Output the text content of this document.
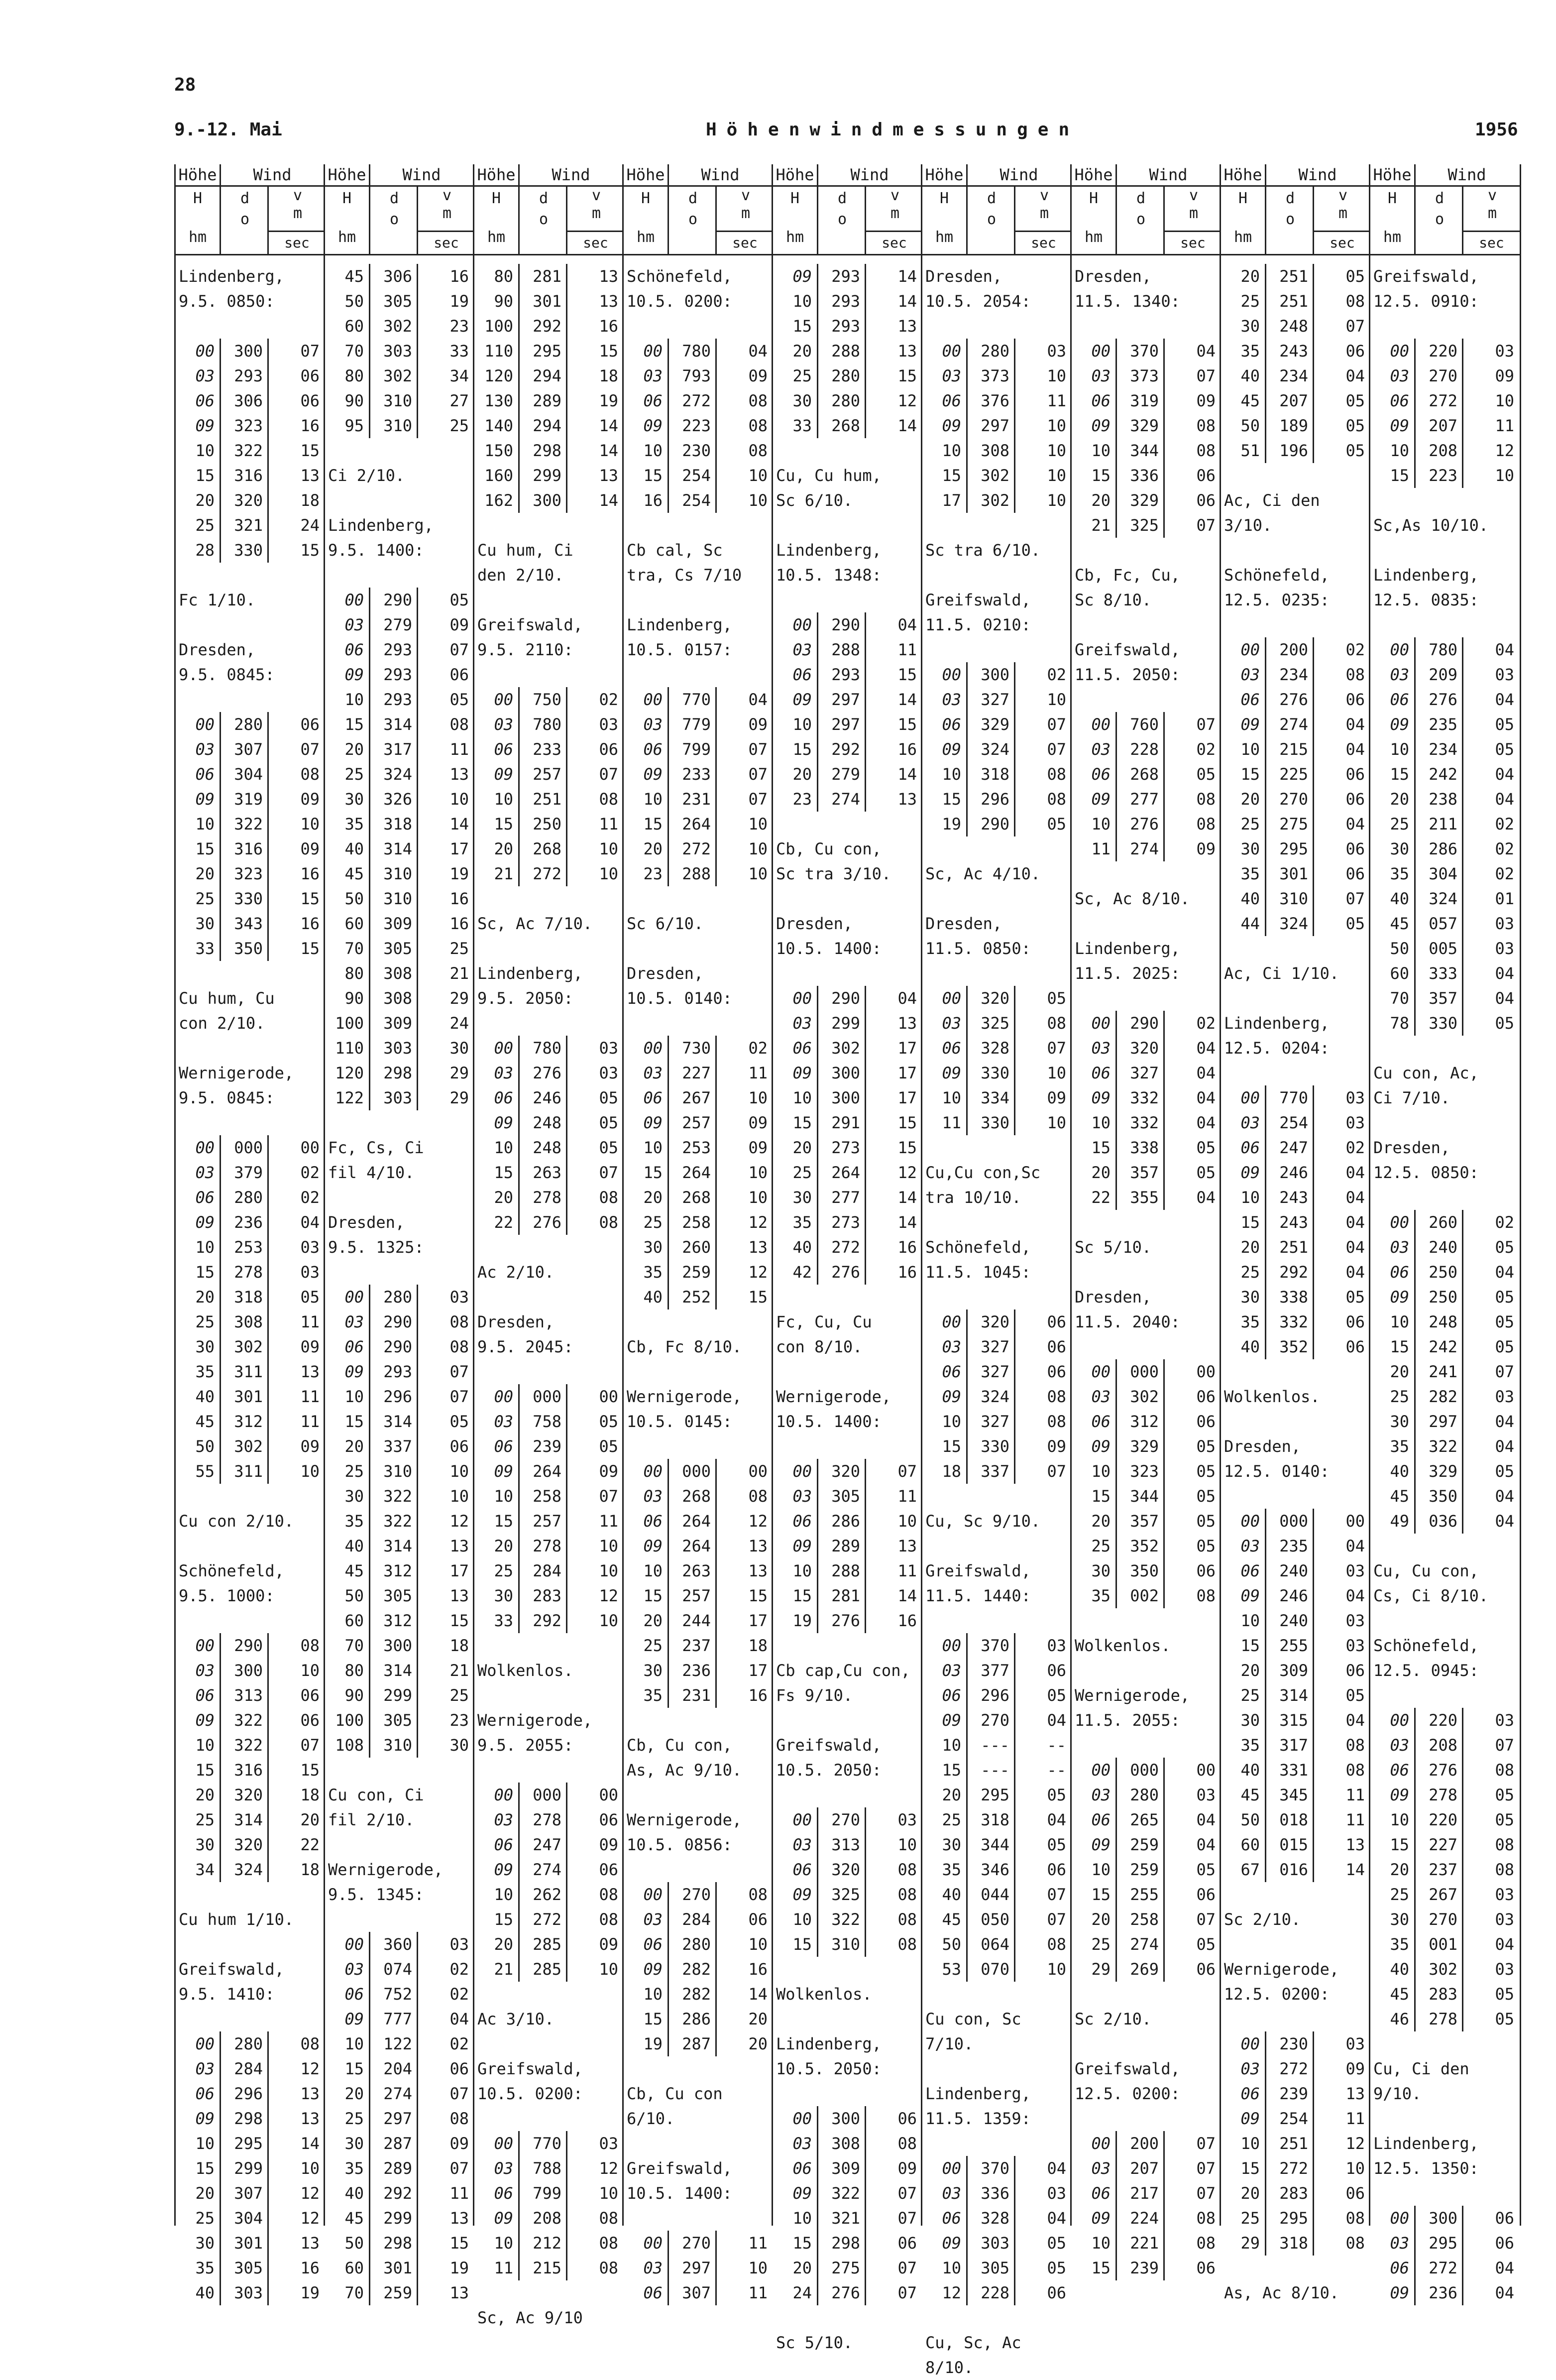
28
9.-12. Mai	Höhenwindmessungen	1956
Höhe	Wind
H
hm
d
o
v
m
sec
Lindenberg,
9.5. 0850:
00	300	07
03	293	06
06	306	06
09	323	16
10	322	15
15	316	13
20	320	18
25	321	24
28	330	15
Fc 1/10.
Dresden,
9.5. 0845:
00	280	06
03	307	07
06	304	08
09	319	09
10	322	10
15	316	09
20	323	16
25	330	15
30	343	16
33	350	15
Cu hum, Cu
con 2/10.
Wernigerode,
9.5. 0845:
00	000	00
03	379	02
06	280	02
09	236	04
10	253	03
15	278	03
20	318	05
25	308	11
30	302	09
35	311	13
40	301	11
45	312	11
50	302	09
55	311	10
Cu con 2/10.
Schönefeld,
9.5. 1000:
00	290	08
03	300	10
06	313	06
09	322	06
10	322	07
15	316	15
20	320	18
25	314	20
30	320	22
34	324	18
Cu hum 1/10.
Greifswald,
9.5. 1410:
00	280	08
03	284	12
06	296	13
09	298	13
10	295	14
15	299	10
20	307	12
25	304	12
30	301	13
35	305	16
40	303	19
Höhe	Wind
H
hm
d
o
v
m
sec
45	306	16
50	305	19
60	302	23
70	303	33
80	302	34
90	310	27
95	310	25
Ci 2/10.
Lindenberg,
9.5. 1400:
00	290	05
03	279	09
06	293	07
09	293	06
10	293	05
15	314	08
20	317	11
25	324	13
30	326	10
35	318	14
40	314	17
45	310	19
50	310	16
60	309	16
70	305	25
80	308	21
90	308	29
100	309	24
110	303	30
120	298	29
122	303	29
Fc, Cs, Ci
fil 4/10.
Dresden,
9.5. 1325:
00	280	03
03	290	08
06	290	08
09	293	07
10	296	07
15	314	05
20	337	06
25	310	10
30	322	10
35	322	12
40	314	13
45	312	17
50	305	13
60	312	15
70	300	18
80	314	21
90	299	25
100	305	23
108	310	30
Cu con, Ci
fil 2/10.
Wernigerode,
9.5. 1345:
00	360	03
03	074	02
06	752	02
09	777	04
10	122	02
15	204	06
20	274	07
25	297	08
30	287	09
35	289	07
40	292	11
45	299	13
50	298	15
60	301	19
70	259	13
Höhe	Wind
H
hm
d
o
v
m
sec
80	281	13
90	301	13
100	292	16
110	295	15
120	294	18
130	289	19
140	294	14
150	298	14
160	299	13
162	300	14
Cu hum, Ci
den 2/10.
Greifswald,
9.5. 2110:
00	750	02
03	780	03
06	233	06
09	257	07
10	251	08
15	250	11
20	268	10
21	272	10
Sc, Ac 7/10.
Lindenberg,
9.5. 2050:
00	780	03
03	276	03
06	246	05
09	248	05
10	248	05
15	263	07
20	278	08
22	276	08
Ac 2/10.
Dresden,
9.5. 2045:
00	000	00
03	758	05
06	239	05
09	264	09
10	258	07
15	257	11
20	278	10
25	284	10
30	283	12
33	292	10
Wolkenlos.
Wernigerode,
9.5. 2055:
00	000	00
03	278	06
06	247	09
09	274	06
10	262	08
15	272	08
20	285	09
21	285	10
Ac 3/10.
Greifswald,
10.5. 0200:
00	770	03
03	788	12
06	799	10
09	208	08
10	212	08
11	215	08
Sc, Ac 9/10
Höhe	Wind
H
hm
d
o
v
m
sec
Schönefeld,
10.5. 0200:
00	780	04
03	793	09
06	272	08
09	223	08
10	230	08
15	254	10
16	254	10
Cb cal, Sc
tra, Cs 7/10
Lindenberg,
10.5. 0157:
00	770	04
03	779	09
06	799	07
09	233	07
10	231	07
15	264	10
20	272	10
23	288	10
Sc 6/10.
Dresden,
10.5. 0140:
00	730	02
03	227	11
06	267	10
09	257	09
10	253	09
15	264	10
20	268	10
25	258	12
30	260	13
35	259	12
40	252	15
Cb, Fc 8/10.
Wernigerode,
10.5. 0145:
00	000	00
03	268	08
06	264	12
09	264	13
10	263	13
15	257	15
20	244	17
25	237	18
30	236	17
35	231	16
Cb, Cu con,
As, Ac 9/10.
Wernigerode,
10.5. 0856:
00	270	08
03	284	06
06	280	10
09	282	16
10	282	14
15	286	20
19	287	20
Cb, Cu con
6/10.
Greifswald,
10.5. 1400:
00	270	11
03	297	10
06	307	11
Höhe	Wind
H
hm
d
o
v
m
sec
09	293	14
10	293	14
15	293	13
20	288	13
25	280	15
30	280	12
33	268	14
Cu, Cu hum,
Sc 6/10.
Lindenberg,
10.5. 1348:
00	290	04
03	288	11
06	293	15
09	297	14
10	297	15
15	292	16
20	279	14
23	274	13
Cb, Cu con,
Sc tra 3/10.
Dresden,
10.5. 1400:
00	290	04
03	299	13
06	302	17
09	300	17
10	300	17
15	291	15
20	273	15
25	264	12
30	277	14
35	273	14
40	272	16
42	276	16
Fc, Cu, Cu
con 8/10.
Wernigerode,
10.5. 1400:
00	320	07
03	305	11
06	286	10
09	289	13
10	288	11
15	281	14
19	276	16
Cb cap,Cu con,
Fs 9/10.
Greifswald,
10.5. 2050:
00	270	03
03	313	10
06	320	08
09	325	08
10	322	08
15	310	08
Wolkenlos.
Lindenberg,
10.5. 2050:
00	300	06
03	308	08
06	309	09
09	322	07
10	321	07
15	298	06
20	275	07
24	276	07
Sc 5/10.
Höhe	Wind
H
hm
d
o
v
m
sec
Dresden,
10.5. 2054:
00	280	03
03	373	10
06	376	11
09	297	10
10	308	10
15	302	10
17	302	10
Sc tra 6/10.
Greifswald,
11.5. 0210:
00	300	02
03	327	10
06	329	07
09	324	07
10	318	08
15	296	08
19	290	05
Sc, Ac 4/10.
Dresden,
11.5. 0850:
00	320	05
03	325	08
06	328	07
09	330	10
10	334	09
11	330	10
Cu,Cu con,Sc
tra 10/10.
Schönefeld,
11.5. 1045:
00	320	06
03	327	06
06	327	06
09	324	08
10	327	08
15	330	09
18	337	07
Cu, Sc 9/10.
Greifswald,
11.5. 1440:
00	370	03
03	377	06
06	296	05
09	270	04
10	---	--
15	---	--
20	295	05
25	318	04
30	344	05
35	346	06
40	044	07
45	050	07
50	064	08
53	070	10
Cu con, Sc
7/10.
Lindenberg,
11.5. 1359:
00	370	04
03	336	03
06	328	04
09	303	05
10	305	05
12	228	06
Cu, Sc, Ac
8/10.
Höhe	Wind
H
hm
d
o
v
m
sec
Dresden,
11.5. 1340:
00	370	04
03	373	07
06	319	09
09	329	08
10	344	08
15	336	06
20	329	06
21	325	07
Cb, Fc, Cu,
Sc 8/10.
Greifswald,
11.5. 2050:
00	760	07
03	228	02
06	268	05
09	277	08
10	276	08
11	274	09
Sc, Ac 8/10.
Lindenberg,
11.5. 2025:
00	290	02
03	320	04
06	327	04
09	332	04
10	332	04
15	338	05
20	357	05
22	355	04
Sc 5/10.
Dresden,
11.5. 2040:
00	000	00
03	302	06
06	312	06
09	329	05
10	323	05
15	344	05
20	357	05
25	352	05
30	350	06
35	002	08
Wolkenlos.
Wernigerode,
11.5. 2055:
00	000	00
03	280	03
06	265	04
09	259	04
10	259	05
15	255	06
20	258	07
25	274	05
29	269	06
Sc 2/10.
Greifswald,
12.5. 0200:
00	200	07
03	207	07
06	217	07
09	224	08
10	221	08
15	239	06
Höhe	Wind
H
hm
d
o
v
m
sec
20	251	05
25	251	08
30	248	07
35	243	06
40	234	04
45	207	05
50	189	05
51	196	05
Ac, Ci den
3/10.
Schönefeld,
12.5. 0235:
00	200	02
03	234	08
06	276	06
09	274	04
10	215	04
15	225	06
20	270	06
25	275	04
30	295	06
35	301	06
40	310	07
44	324	05
Ac, Ci 1/10.
Lindenberg,
12.5. 0204:
00	770	03
03	254	03
06	247	02
09	246	04
10	243	04
15	243	04
20	251	04
25	292	04
30	338	05
35	332	06
40	352	06
Wolkenlos.
Dresden,
12.5. 0140:
00	000	00
03	235	04
06	240	03
09	246	04
10	240	03
15	255	03
20	309	06
25	314	05
30	315	04
35	317	08
40	331	08
45	345	11
50	018	11
60	015	13
67	016	14
Sc 2/10.
Wernigerode,
12.5. 0200:
00	230	03
03	272	09
06	239	13
09	254	11
10	251	12
15	272	10
20	283	06
25	295	08
29	318	08
As, Ac 8/10.
Höhe	Wind
H
hm
d
o
v
m
sec
Greifswald,
12.5. 0910:
00	220	03
03	270	09
06	272	10
09	207	11
10	208	12
15	223	10
Sc,As 10/10.
Lindenberg,
12.5. 0835:
00	780	04
03	209	03
06	276	04
09	235	05
10	234	05
15	242	04
20	238	04
25	211	02
30	286	02
35	304	02
40	324	01
45	057	03
50	005	03
60	333	04
70	357	04
78	330	05
Cu con, Ac,
Ci 7/10.
Dresden,
12.5. 0850:
00	260	02
03	240	05
06	250	04
09	250	05
10	248	05
15	242	05
20	241	07
25	282	03
30	297	04
35	322	04
40	329	05
45	350	04
49	036	04
Cu, Cu con,
Cs, Ci 8/10.
Schönefeld,
12.5. 0945:
00	220	03
03	208	07
06	276	08
09	278	05
10	220	05
15	227	08
20	237	08
25	267	03
30	270	03
35	001	04
40	302	03
45	283	05
46	278	05
Cu, Ci den
9/10.
Lindenberg,
12.5. 1350:
00	300	06
03	295	06
06	272	04
09	236	04
